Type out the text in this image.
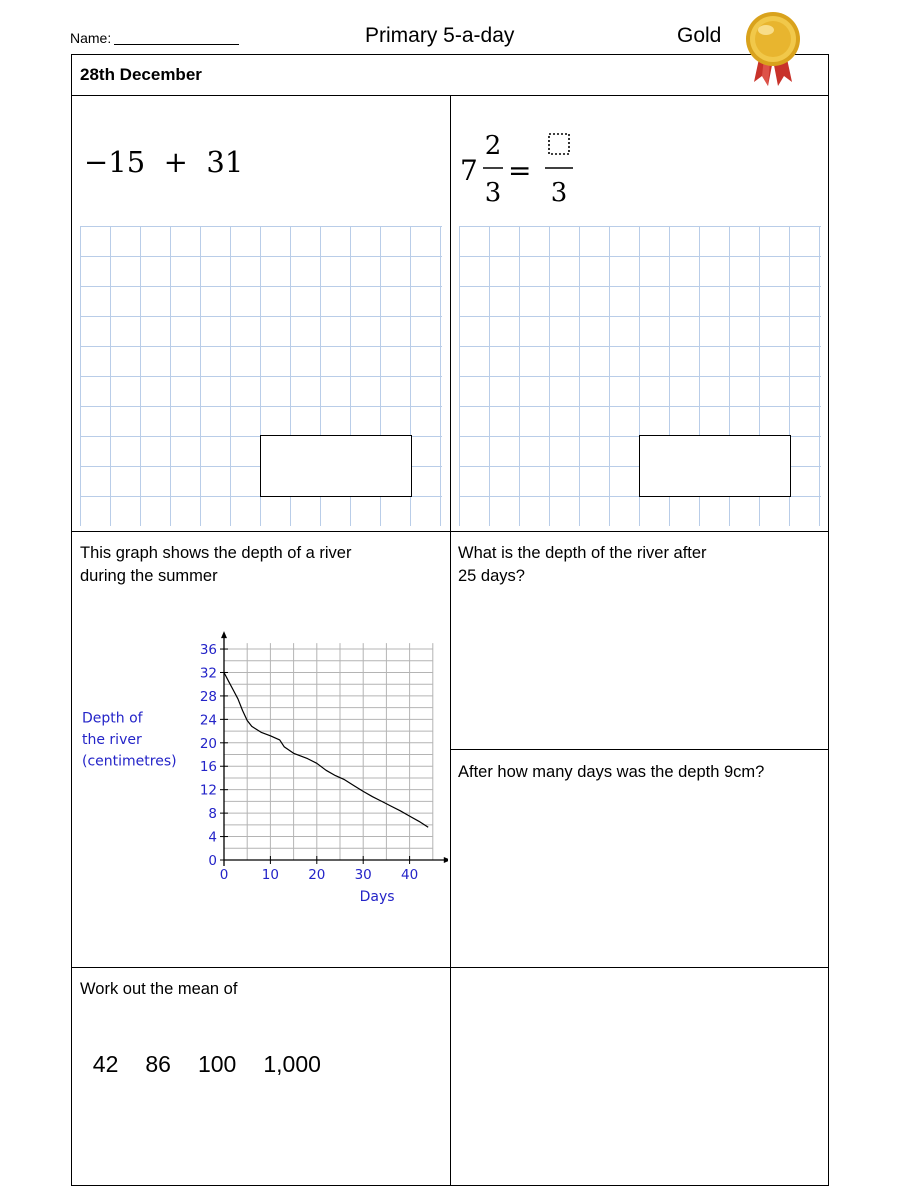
Name:	Primary 5-a-day	Gold
28th December
−15  +  31	7
2
3
=
3
This graph shows the depth of a river
during the summer
0
4
8
12
16
20
24
28
32
36
0 10 20 30 40
Days
Depth of
the river
(centimetres)
What is the depth of the river after
25 days?
After how many days was the depth 9cm?
Work out the mean of

42 86 100 1,000
